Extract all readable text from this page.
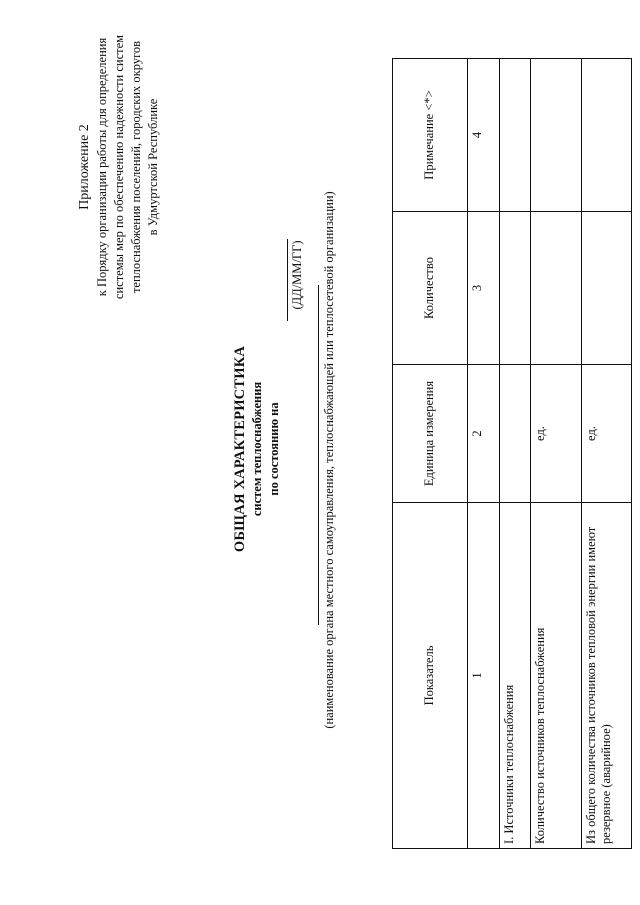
Приложение 2 к Порядку организации работы для определения системы мер по обеспечению надежности систем теплоснабжения поселений, городских округов в Удмуртской Республике
ОБЩАЯ ХАРАКТЕРИСТИКА систем теплоснабжения по состоянию на
(ДД/ММ/ГГ) (наименование органа местного самоуправления, теплоснабжающей или теплосетевой организации)	Показатель	Единица измерения	Количество	Примечание <*>
1	2	3	4
I. Источники теплоснабжения			
Количество источников теплоснабжения	ед.		
Из общего количества источников тепловой энергии имеют резервное (аварийное)	ед.		
